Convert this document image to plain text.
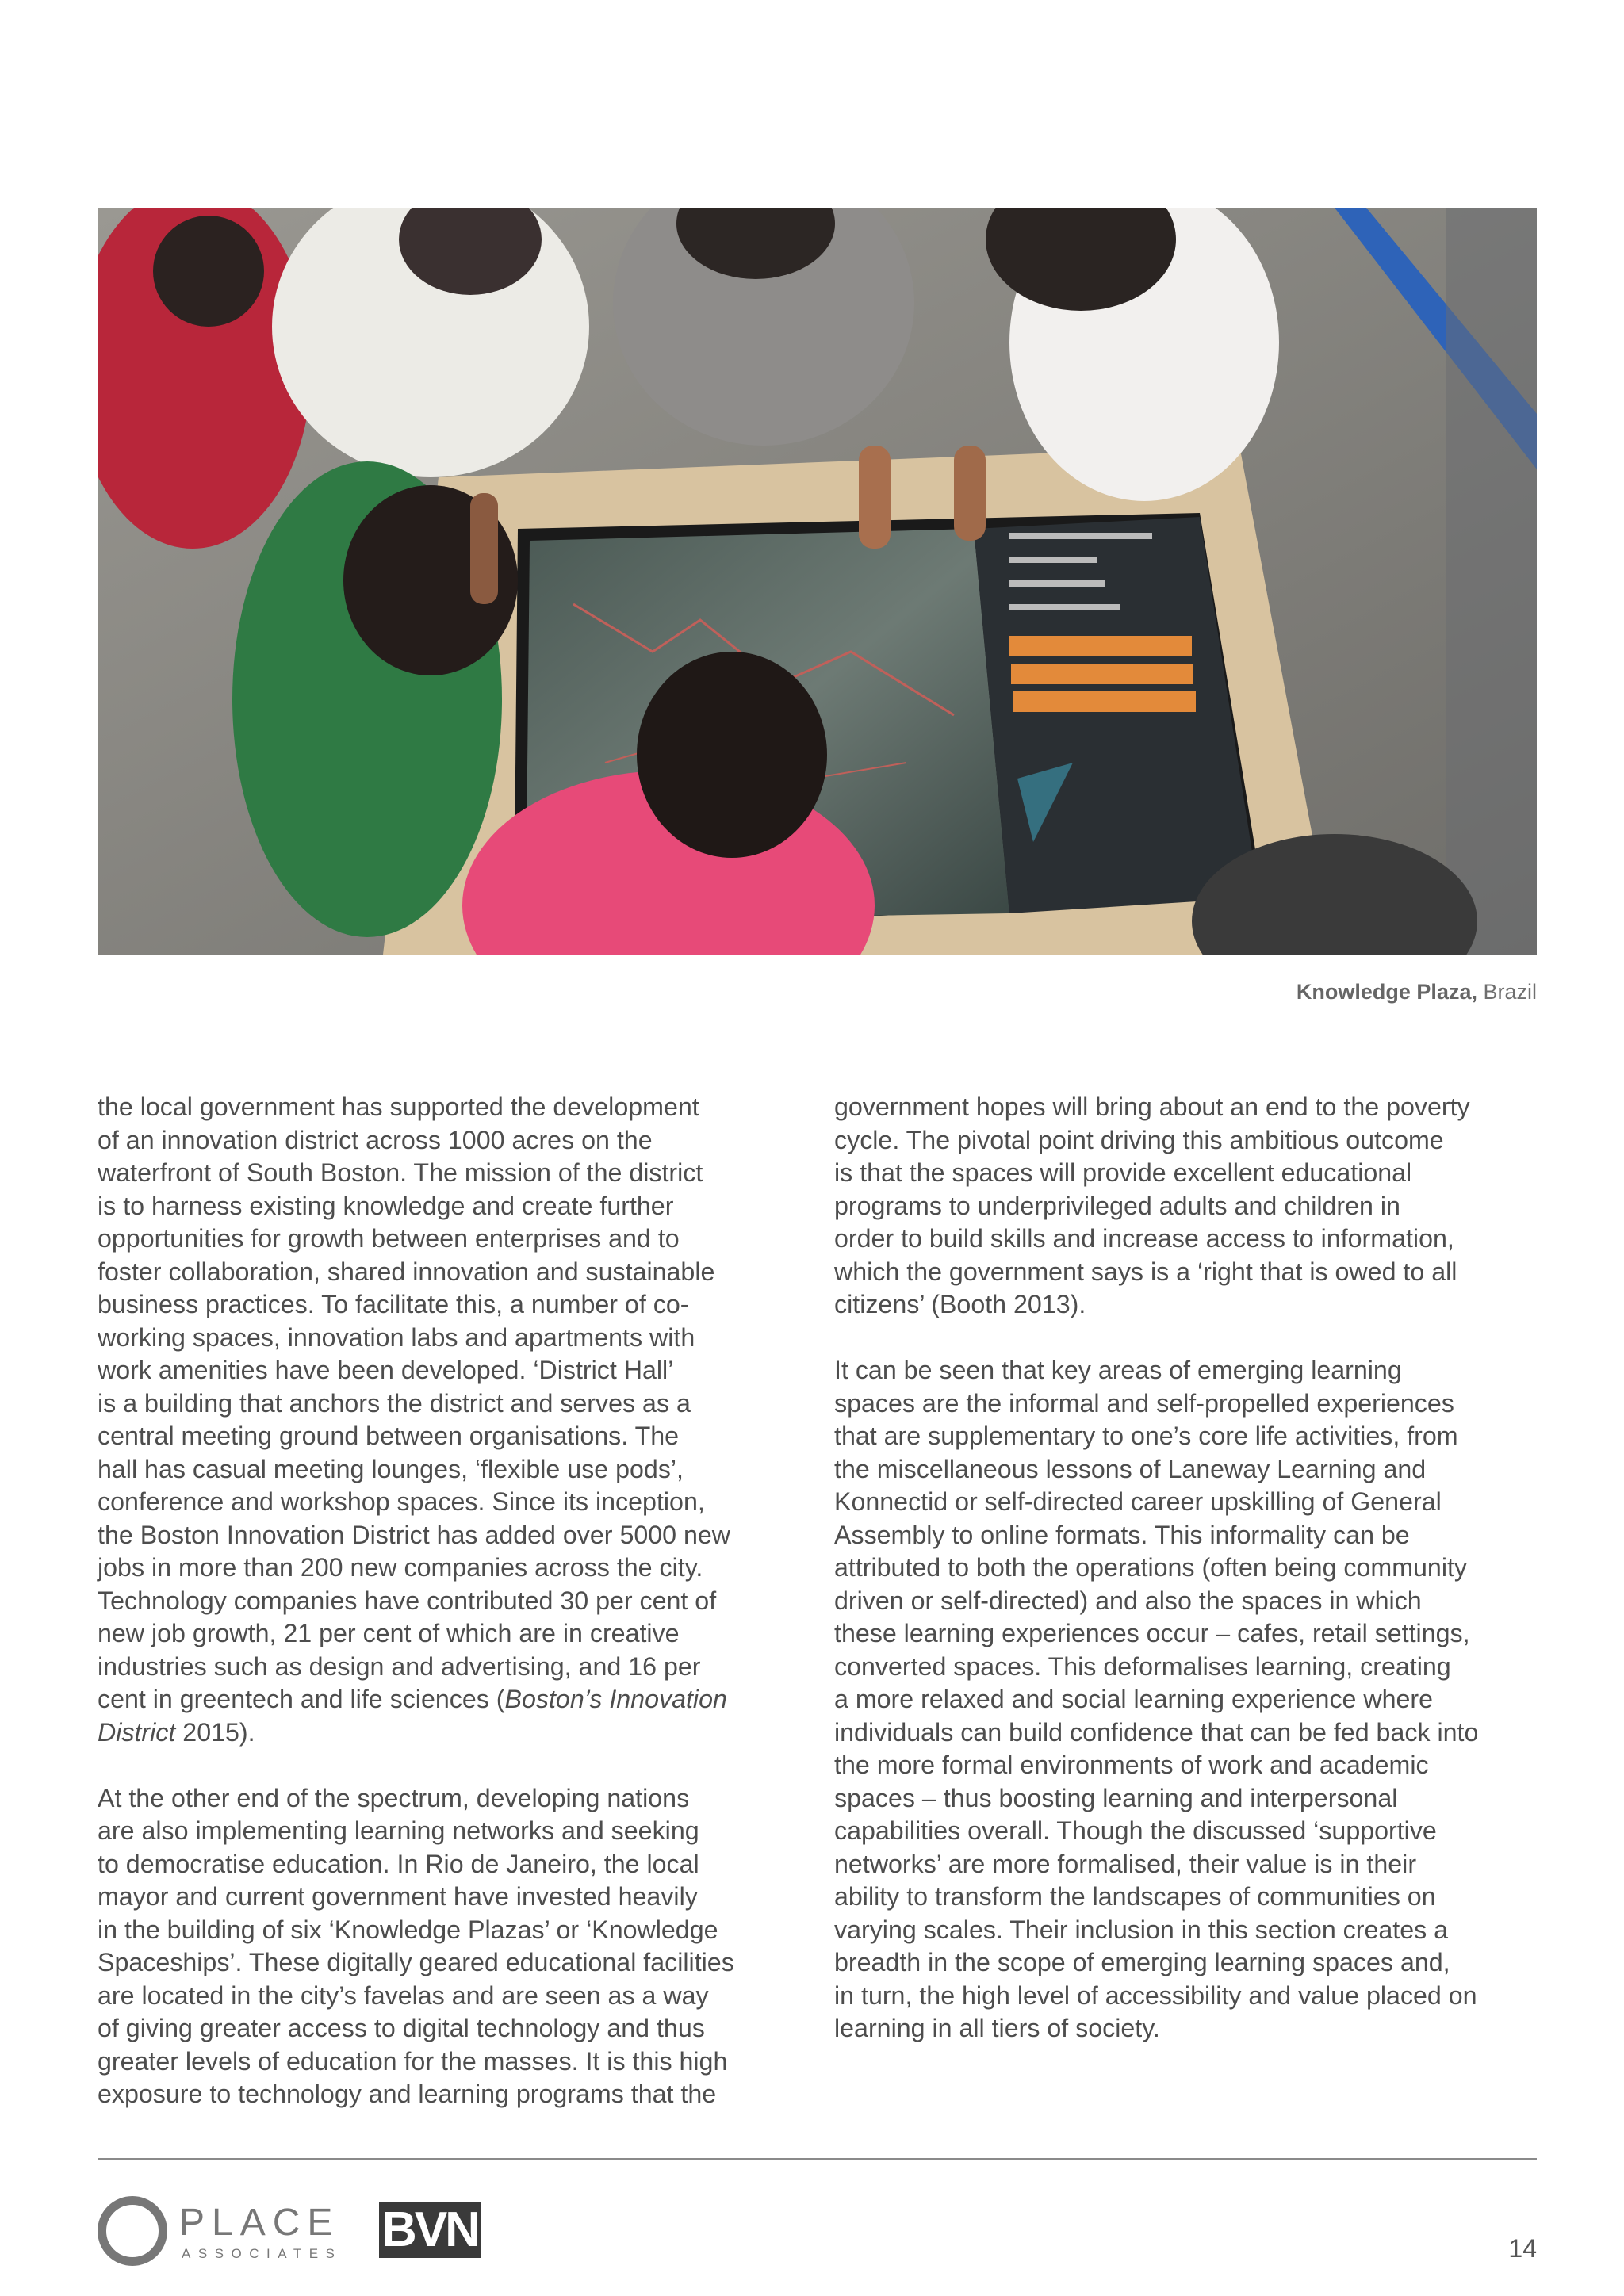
Knowledge Plaza, Brazil

the local government has supported the development
of an innovation district across 1000 acres on the
waterfront of South Boston. The mission of the district
is to harness existing knowledge and create further
opportunities for growth between enterprises and to
foster collaboration, shared innovation and sustainable
business practices. To facilitate this, a number of co-
working spaces, innovation labs and apartments with
work amenities have been developed. ‘District Hall’
is a building that anchors the district and serves as a
central meeting ground between organisations. The
hall has casual meeting lounges, ‘flexible use pods’,
conference and workshop spaces. Since its inception,
the Boston Innovation District has added over 5000 new
jobs in more than 200 new companies across the city.
Technology companies have contributed 30 per cent of
new job growth, 21 per cent of which are in creative
industries such as design and advertising, and 16 per
cent in greentech and life sciences (Boston’s Innovation
District 2015).

At the other end of the spectrum, developing nations
are also implementing learning networks and seeking
to democratise education. In Rio de Janeiro, the local
mayor and current government have invested heavily
in the building of six ‘Knowledge Plazas’ or ‘Knowledge
Spaceships’. These digitally geared educational facilities
are located in the city’s favelas and are seen as a way
of giving greater access to digital technology and thus
greater levels of education for the masses. It is this high
exposure to technology and learning programs that the

government hopes will bring about an end to the poverty
cycle. The pivotal point driving this ambitious outcome
is that the spaces will provide excellent educational
programs to underprivileged adults and children in
order to build skills and increase access to information,
which the government says is a ‘right that is owed to all
citizens’ (Booth 2013).

It can be seen that key areas of emerging learning
spaces are the informal and self-propelled experiences
that are supplementary to one’s core life activities, from
the miscellaneous lessons of Laneway Learning and
Konnectid or self-directed career upskilling of General
Assembly to online formats. This informality can be
attributed to both the operations (often being community
driven or self-directed) and also the spaces in which
these learning experiences occur – cafes, retail settings,
converted spaces. This deformalises learning, creating
a more relaxed and social learning experience where
individuals can build confidence that can be fed back into
the more formal environments of work and academic
spaces – thus boosting learning and interpersonal
capabilities overall. Though the discussed ‘supportive
networks’ are more formalised, their value is in their
ability to transform the landscapes of communities on
varying scales. Their inclusion in this section creates a
breadth in the scope of emerging learning spaces and,
in turn, the high level of accessibility and value placed on
learning in all tiers of society.

PLACE
ASSOCIATES BVN	14
